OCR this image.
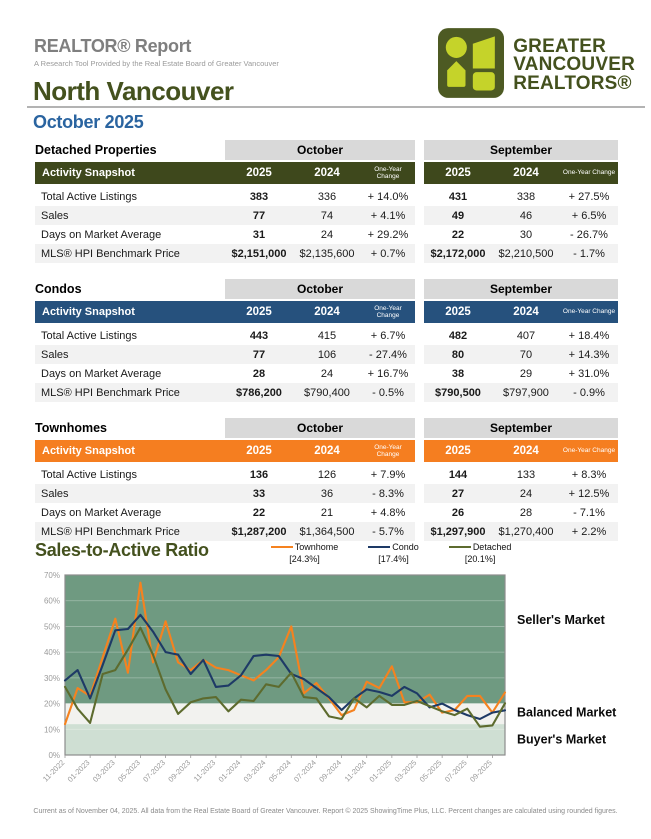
REALTOR® Report
A Research Tool Provided by the Real Estate Board of Greater Vancouver
North Vancouver
October 2025
GREATER
VANCOUVER
REALTORS®
Detached Properties	October	September
Activity Snapshot	2025	2024	One-Year Change	2025	2024	One-Year Change
Total Active Listings	383	336	+ 14.0%	431	338	+ 27.5%
Sales	77	74	+ 4.1%	49	46	+ 6.5%
Days on Market Average	31	24	+ 29.2%	22	30	- 26.7%
MLS® HPI Benchmark Price	$2,151,000	$2,135,600	+ 0.7%	$2,172,000	$2,210,500	- 1.7%
Condos	October	September
Activity Snapshot	2025	2024	One-Year Change	2025	2024	One-Year Change
Total Active Listings	443	415	+ 6.7%	482	407	+ 18.4%
Sales	77	106	- 27.4%	80	70	+ 14.3%
Days on Market Average	28	24	+ 16.7%	38	29	+ 31.0%
MLS® HPI Benchmark Price	$786,200	$790,400	- 0.5%	$790,500	$797,900	- 0.9%
Townhomes	October	September
Activity Snapshot	2025	2024	One-Year Change	2025	2024	One-Year Change
Total Active Listings	136	126	+ 7.9%	144	133	+ 8.3%
Sales	33	36	- 8.3%	27	24	+ 12.5%
Days on Market Average	22	21	+ 4.8%	26	28	- 7.1%
MLS® HPI Benchmark Price	$1,287,200	$1,364,500	- 5.7%	$1,297,900	$1,270,400	+ 2.2%
Sales-to-Active Ratio	Townhome
[24.3%]
Condo
[17.4%]
Detached
[20.1%]
0%
10%
20%
30%
40%
50%
60%
70%
11-2022 01-2023 03-2023 05-2023 07-2023 09-2023 11-2023 01-2024 03-2024 05-2024 07-2024 09-2024 11-2024 01-2025 03-2025 05-2025 07-2025 09-2025
Seller's Market
Balanced Market
Buyer's Market
Current as of November 04, 2025. All data from the Real Estate Board of Greater Vancouver. Report © 2025 ShowingTime Plus, LLC. Percent changes are calculated using rounded figures.
